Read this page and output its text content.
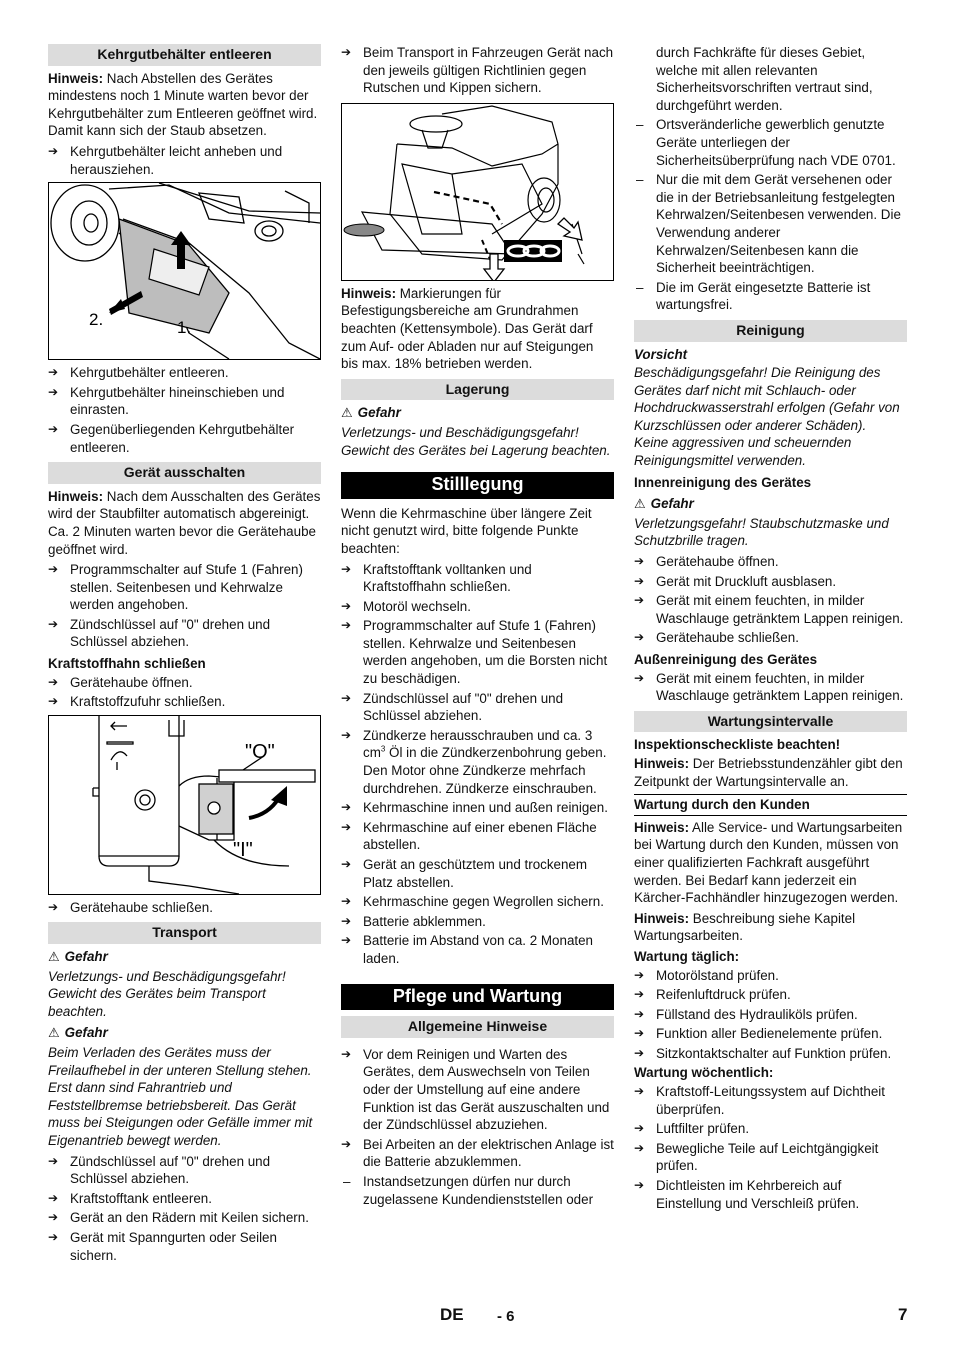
Kehrgutbehälter entleeren
Hinweis: Nach Abstellen des Gerätes mindestens noch 1 Minute warten bevor der Kehrgutbehälter zum Entleeren geöffnet wird. Damit kann sich der Staub absetzen.
➔ Kehrgutbehälter leicht anheben und herausziehen.
2.	1.
➔ Kehrgutbehälter entleeren.
➔ Kehrgutbehälter hineinschieben und einrasten.
➔ Gegenüberliegenden Kehrgutbehälter entleeren.
Gerät ausschalten
Hinweis: Nach dem Ausschalten des Gerätes wird der Staubfilter automatisch abgereinigt. Ca. 2 Minuten warten bevor die Gerätehaube geöffnet wird.
➔ Programmschalter auf Stufe 1 (Fahren) stellen. Seitenbesen und Kehrwalze werden angehoben.
➔ Zündschlüssel auf "0" drehen und Schlüssel abziehen.
Kraftstoffhahn schließen
➔ Gerätehaube öffnen.
➔ Kraftstoffzufuhr schließen.
"O"
"I"
➔ Gerätehaube schließen.
Transport
⚠ Gefahr
Verletzungs- und Beschädigungsgefahr! Gewicht des Gerätes beim Transport beachten.
⚠ Gefahr
Beim Verladen des Gerätes muss der Freilaufhebel in der unteren Stellung stehen. Erst dann sind Fahrantrieb und Feststellbremse betriebsbereit. Das Gerät muss bei Steigungen oder Gefälle immer mit Eigenantrieb bewegt werden.
➔ Zündschlüssel auf "0" drehen und Schlüssel abziehen.
➔ Kraftstofftank entleeren.
➔ Gerät an den Rädern mit Keilen sichern.
➔ Gerät mit Spanngurten oder Seilen sichern.
➔ Beim Transport in Fahrzeugen Gerät nach den jeweils gültigen Richtlinien gegen Rutschen und Kippen sichern.
Hinweis: Markierungen für Befestigungsbereiche am Grundrahmen beachten (Kettensymbole). Das Gerät darf zum Auf- oder Abladen nur auf Steigungen bis max. 18% betrieben werden.
Lagerung
⚠ Gefahr
Verletzungs- und Beschädigungsgefahr! Gewicht des Gerätes bei Lagerung beachten.
Stilllegung
Wenn die Kehrmaschine über längere Zeit nicht genutzt wird, bitte folgende Punkte beachten:
➔ Kraftstofftank volltanken und Kraftstoffhahn schließen.
➔ Motoröl wechseln.
➔ Programmschalter auf Stufe 1 (Fahren) stellen. Kehrwalze und Seitenbesen werden angehoben, um die Borsten nicht zu beschädigen.
➔ Zündschlüssel auf "0" drehen und Schlüssel abziehen.
➔ Zündkerze herausschrauben und ca. 3 $cm^3$ Öl in die Zündkerzenbohrung geben. Den Motor ohne Zündkerze mehrfach durchdrehen. Zündkerze einschrauben.
➔ Kehrmaschine innen und außen reinigen.
➔ Kehrmaschine auf einer ebenen Fläche abstellen.
➔ Gerät an geschütztem und trockenem Platz abstellen.
➔ Kehrmaschine gegen Wegrollen sichern.
➔ Batterie abklemmen.
➔ Batterie im Abstand von ca. 2 Monaten laden.
Pflege und Wartung
Allgemeine Hinweise
➔ Vor dem Reinigen und Warten des Gerätes, dem Auswechseln von Teilen oder der Umstellung auf eine andere Funktion ist das Gerät auszuschalten und der Zündschlüssel abzuziehen.
➔ Bei Arbeiten an der elektrischen Anlage ist die Batterie abzuklemmen.
– Instandsetzungen dürfen nur durch zugelassene Kundendienststellen oder
durch Fachkräfte für dieses Gebiet, welche mit allen relevanten Sicherheitsvorschriften vertraut sind, durchgeführt werden.
– Ortsveränderliche gewerblich genutzte Geräte unterliegen der Sicherheitsüberprüfung nach VDE 0701.
– Nur die mit dem Gerät versehenen oder die in der Betriebsanleitung festgelegten Kehrwalzen/Seitenbesen verwenden. Die Verwendung anderer Kehrwalzen/Seitenbesen kann die Sicherheit beeinträchtigen.
– Die im Gerät eingesetzte Batterie ist wartungsfrei.
Reinigung
Vorsicht
Beschädigungsgefahr! Die Reinigung des Gerätes darf nicht mit Schlauch- oder Hochdruckwasserstrahl erfolgen (Gefahr von Kurzschlüssen oder anderer Schäden).
Keine aggressiven und scheuernden Reinigungsmittel verwenden.
Innenreinigung des Gerätes
⚠ Gefahr
Verletzungsgefahr! Staubschutzmaske und Schutzbrille tragen.
➔ Gerätehaube öffnen.
➔ Gerät mit Druckluft ausblasen.
➔ Gerät mit einem feuchten, in milder Waschlauge getränktem Lappen reinigen.
➔ Gerätehaube schließen.
Außenreinigung des Gerätes
➔ Gerät mit einem feuchten, in milder Waschlauge getränktem Lappen reinigen.
Wartungsintervalle
Inspektionscheckliste beachten!
Hinweis: Der Betriebsstundenzähler gibt den Zeitpunkt der Wartungsintervalle an.
Wartung durch den Kunden
Hinweis: Alle Service- und Wartungsarbeiten bei Wartung durch den Kunden, müssen von einer qualifizierten Fachkraft ausgeführt werden. Bei Bedarf kann jederzeit ein Kärcher-Fachhändler hinzugezogen werden.
Hinweis: Beschreibung siehe Kapitel Wartungsarbeiten.
Wartung täglich:
➔ Motorölstand prüfen.
➔ Reifenluftdruck prüfen.
➔ Füllstand des Hydrauliköls prüfen.
➔ Funktion aller Bedienelemente prüfen.
➔ Sitzkontaktschalter auf Funktion prüfen.
Wartung wöchentlich:
➔ Kraftstoff-Leitungssystem auf Dichtheit überprüfen.
➔ Luftfilter prüfen.
➔ Bewegliche Teile auf Leichtgängigkeit prüfen.
➔ Dichtleisten im Kehrbereich auf Einstellung und Verschleiß prüfen.
DE - 6	7
